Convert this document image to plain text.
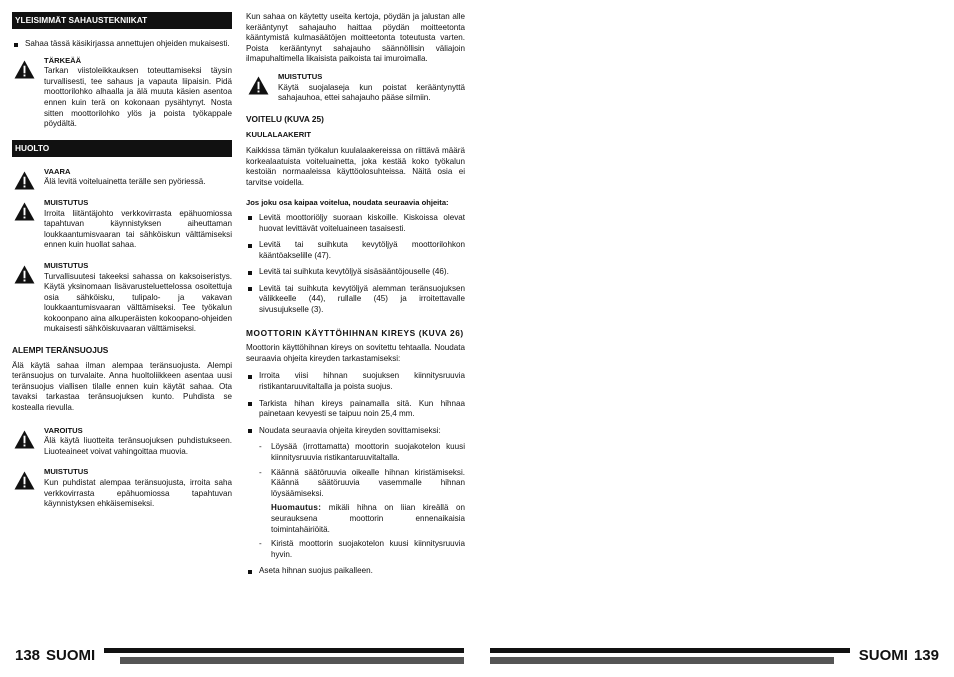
YLEISIMMÄT SAHAUSTEKNIIKAT
Sahaa tässä käsikirjassa annettujen ohjeiden mukaisesti.
TÄRKEÄÄ
Tarkan viistoleikkauksen toteuttamiseksi täysin turvallisesti, tee sahaus ja vapauta liipaisin. Pidä moottorilohko alhaalla ja älä muuta käsien asentoa ennen kuin terä on kokonaan pysähtynyt. Nosta sitten moottorilohko ylös ja poista työkappale pöydältä.
HUOLTO
VAARA
Älä levitä voiteluainetta terälle sen pyöriessä.
MUISTUTUS
Irroita liitäntäjohto verkkovirrasta epähuomiossa tapahtuvan käynnistyksen aiheuttaman loukkaantumisvaaran tai sähköiskun välttämiseksi ennen kuin huollat sahaa.
MUISTUTUS
Turvallisuutesi takeeksi sahassa on kaksoiseristys. Käytä yksinomaan lisävarusteluettelossa osoitettuja osia sähköisku, tulipalo- ja vakavan loukkaantumisvaaran välttämiseksi. Tee työkalun kokoonpano aina alkuperäisten kokoopano-ohjeiden mukaisesti sähköiskuvaaran välttämiseksi.
ALEMPI TERÄNSUOJUS
Älä käytä sahaa ilman alempaa teränsuojusta. Alempi teränsuojus on turvalaite. Anna huoltoliikkeen asentaa uusi teränsuojus viallisen tilalle ennen kuin käytät sahaa. Ota tavaksi tarkastaa teränsuojuksen kunto. Puhdista se kostealla rievulla.
VAROITUS
Älä käytä liuotteita teränsuojuksen puhdistukseen. Liuoteaineet voivat vahingoittaa muovia.
MUISTUTUS
Kun puhdistat alempaa teränsuojusta, irroita saha verkkovirrasta epähuomiossa tapahtuvan käynnistyksen ehkäisemiseksi.
Kun sahaa on käytetty useita kertoja, pöydän ja jalustan alle kerääntynyt sahajauho haittaa pöydän moitteetonta kääntymistä kulmasäätöjen moitteetonta toteutusta varten. Poista kerääntynyt sahajauho säännöllisin väliajoin ilmapuhaltimella likaisista paikoista tai imuroimalla.
MUISTUTUS
Käytä suojalaseja kun poistat kerääntynyttä sahajauhoa, ettei sahajauho pääse silmiin.
VOITELU (KUVA 25)
KUULALAAKERIT
Kaikkissa tämän työkalun kuulalaakereissa on riittävä määrä korkealaatuista voiteluainetta, joka kestää koko työkalun kestoiän normaaleissa käyttöolosuhteissa. Näitä osia ei tarvitse voidella.
Jos joku osa kaipaa voitelua, noudata seuraavia ohjeita:
Levitä moottoriöljy suoraan kiskoille. Kiskoissa olevat huovat levittävät voiteluaineen tasaisesti.
Levitä tai suihkuta kevytöljyä moottorilohkon kääntöakselille (47).
Levitä tai suihkuta kevytöljyä sisäsääntöjouselle (46).
Levitä tai suihkuta kevytöljyä alemman teränsuojuksen välikkeelle (44), rullalle (45) ja irroitettavalle sivusujukselle (3).
MOOTTORIN KÄYTTÖHIHNAN KIREYS (KUVA 26)
Moottorin käyttöhihnan kireys on sovitettu tehtaalla. Noudata seuraavia ohjeita kireyden tarkastamiseksi:
Irroita viisi hihnan suojuksen kiinnitysruuvia ristikantaruuvitaltalla ja poista suojus.
Tarkista hihan kireys painamalla sitä. Kun hihnaa painetaan kevyesti se taipuu noin 25,4 mm.
Noudata seuraavia ohjeita kireyden sovittamiseksi:
- Löysää (irrottamatta) moottorin suojakotelon kuusi kiinnitysruuvia ristikantaruuvitaltalla.
- Käännä säätöruuvia oikealle hihnan kiristämiseksi. Käännä säätöruuvia vasemmalle hihnan löysäämiseksi.
Huomautus: mikäli hihna on liian kireällä on seurauksena moottorin ennenaikaisia toimintahäiriöitä.
- Kiristä moottorin suojakotelon kuusi kiinnitysruuvia hyvin.
Aseta hihnan suojus paikalleen.
138 SUOMI	SUOMI 139
